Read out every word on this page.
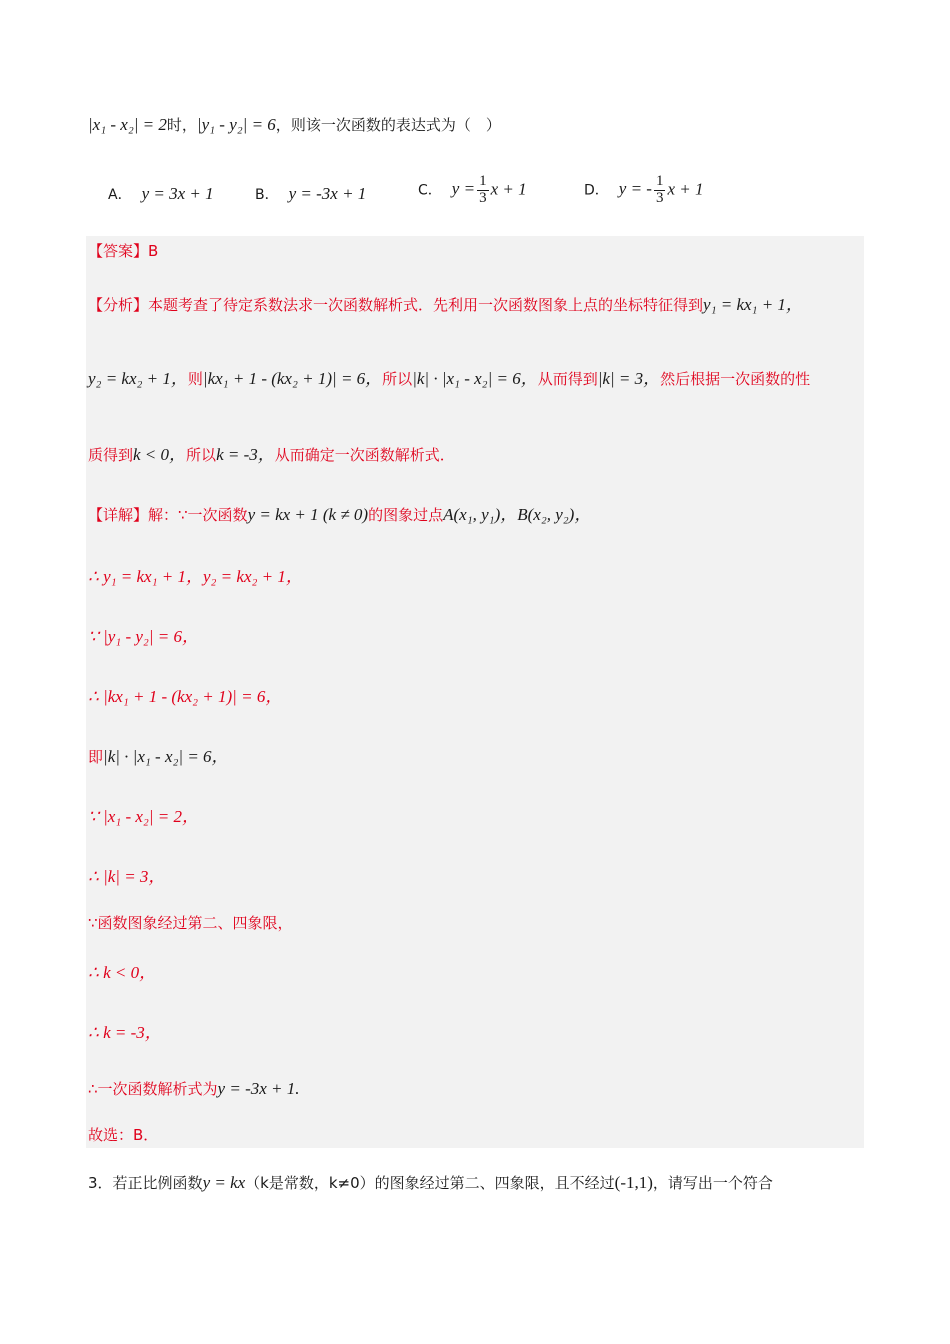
|x₁ - x₂| = 2时，|y₁ - y₂| = 6，则该一次函数的表达式为（　）
A． y = 3x + 1	B． y = -3x + 1	C． $y = \frac{1}{3}$ x + 1	D． y = - $\frac{1}{3}$ x + 1
【答案】B
【分析】本题考查了待定系数法求一次函数解析式．先利用一次函数图象上点的坐标特征得到y₁ = kx₁ + 1，
y₂ = kx₂ + 1，则|kx₁ + 1 - (kx₂ + 1)| = 6，所以|k| · |x₁ - x₂| = 6，从而得到|k| = 3，然后根据一次函数的性
质得到k < 0，所以k = -3，从而确定一次函数解析式．
【详解】解：∵一次函数y = kx + 1 (k ≠ 0)的图象过点A(x₁, y₁)，B(x₂, y₂)，
∴ y₁ = kx₁ + 1，y₂ = kx₂ + 1，
∵ |y₁ - y₂| = 6，
∴ |kx₁ + 1 - (kx₂ + 1)| = 6，
即|k| · |x₁ - x₂| = 6，
∵ |x₁ - x₂| = 2，
∴ |k| = 3，
∵函数图象经过第二、四象限，
∴ k < 0，
∴ k = -3，
∴一次函数解析式为y = -3x + 1.
故选：B．
3．若正比例函数y = kx（k是常数，k≠0）的图象经过第二、四象限，且不经过(-1,1)，请写出一个符合
